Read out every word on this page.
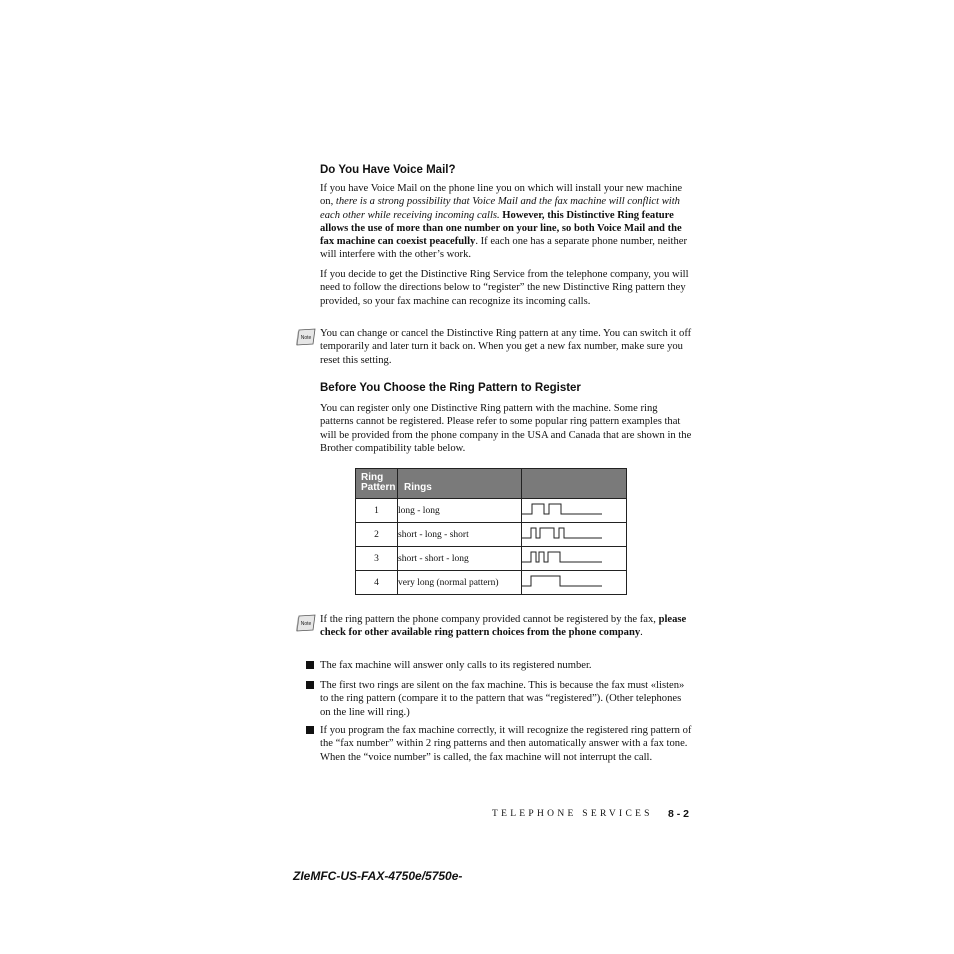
Do You Have Voice Mail?

If you have Voice Mail on the phone line you on which will install your new machine on, there is a strong possibility that Voice Mail and the fax machine will conflict with each other while receiving incoming calls. However, this Distinctive Ring feature allows the use of more than one number on your line, so both Voice Mail and the fax machine can coexist peacefully. If each one has a separate phone number, neither will interfere with the other’s work.

If you decide to get the Distinctive Ring Service from the telephone company, you will need to follow the directions below to “register” the new Distinctive Ring pattern they provided, so your fax machine can recognize its incoming calls.

Note You can change or cancel the Distinctive Ring pattern at any time. You can switch it off temporarily and later turn it back on. When you get a new fax number, make sure you reset this setting.

Before You Choose the Ring Pattern to Register

You can register only one Distinctive Ring pattern with the machine. Some ring patterns cannot be registered. Please refer to some popular ring pattern examples that will be provided from the phone company in the USA and Canada that are shown in the Brother compatibility table below.

Ring
Pattern	Rings	

1	long - long	
2	short - long - short	
3	short - short - long	
4	very long (normal pattern)	
Note If the ring pattern the phone company provided cannot be registered by the fax, please check for other available ring pattern choices from the phone company.

The fax machine will answer only calls to its registered number.

The first two rings are silent on the fax machine. This is because the fax must «listen» to the ring pattern (compare it to the pattern that was “registered”). (Other telephones on the line will ring.)

If you program the fax machine correctly, it will recognize the registered ring pattern of the “fax number” within 2 ring patterns and then automatically answer with a fax tone. When the “voice number” is called, the fax machine will not interrupt the call.

TELEPHONE SERVICES 8 - 2
ZIeMFC-US-FAX-4750e/5750e-
